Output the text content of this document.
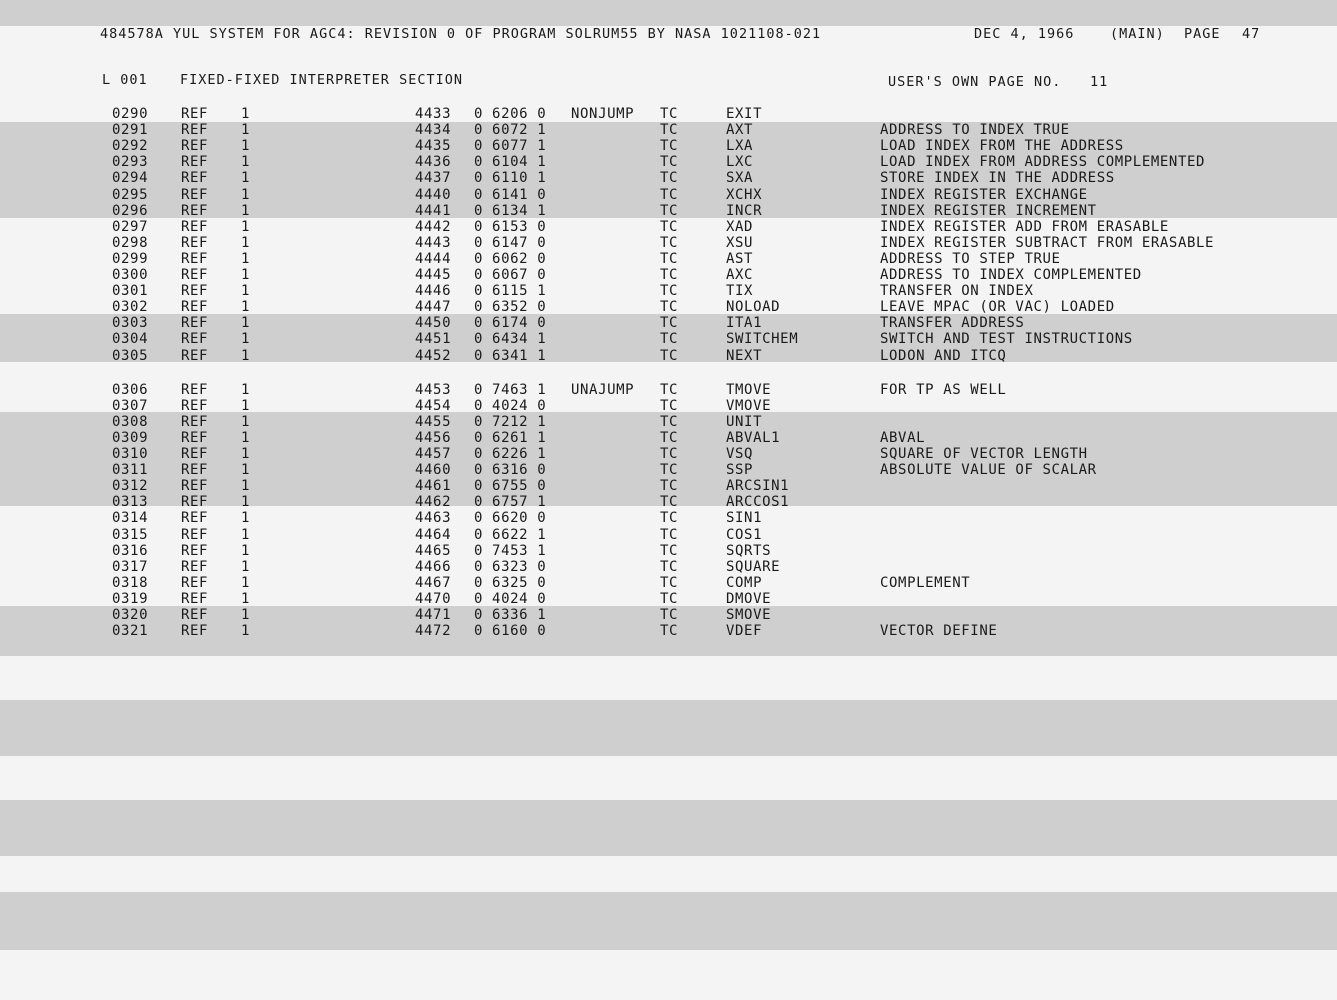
484578A YUL SYSTEM FOR AGC4: REVISION 0 OF PROGRAM SOLRUM55 BY NASA 1021108-021	DEC 4, 1966	(MAIN) PAGE 47
L 001 FIXED-FIXED INTERPRETER SECTION	USER'S OWN PAGE NO. 11
0290 REF 1	4433 0 6206 0 NONJUMP TC	EXIT
0291 REF 1	4434 0 6072 1	TC	AXT	ADDRESS TO INDEX TRUE
0292 REF 1	4435 0 6077 1	TC	LXA	LOAD INDEX FROM THE ADDRESS
0293 REF 1	4436 0 6104 1	TC	LXC	LOAD INDEX FROM ADDRESS COMPLEMENTED
0294 REF 1	4437 0 6110 1	TC	SXA	STORE INDEX IN THE ADDRESS
0295 REF 1	4440 0 6141 0	TC	XCHX	INDEX REGISTER EXCHANGE
0296 REF 1	4441 0 6134 1	TC	INCR	INDEX REGISTER INCREMENT
0297 REF 1	4442 0 6153 0	TC	XAD	INDEX REGISTER ADD FROM ERASABLE
0298 REF 1	4443 0 6147 0	TC	XSU	INDEX REGISTER SUBTRACT FROM ERASABLE
0299 REF 1	4444 0 6062 0	TC	AST	ADDRESS TO STEP TRUE
0300 REF 1	4445 0 6067 0	TC	AXC	ADDRESS TO INDEX COMPLEMENTED
0301 REF 1	4446 0 6115 1	TC	TIX	TRANSFER ON INDEX
0302 REF 1	4447 0 6352 0	TC	NOLOAD	LEAVE MPAC (OR VAC) LOADED
0303 REF 1	4450 0 6174 0	TC	ITA1	TRANSFER ADDRESS
0304 REF 1	4451 0 6434 1	TC	SWITCHEM	SWITCH AND TEST INSTRUCTIONS
0305 REF 1	4452 0 6341 1	TC	NEXT	LODON AND ITCQ
0306 REF 1	4453 0 7463 1 UNAJUMP TC	TMOVE	FOR TP AS WELL
0307 REF 1	4454 0 4024 0	TC	VMOVE
0308 REF 1	4455 0 7212 1	TC	UNIT
0309 REF 1	4456 0 6261 1	TC	ABVAL1	ABVAL
0310 REF 1	4457 0 6226 1	TC	VSQ	SQUARE OF VECTOR LENGTH
0311 REF 1	4460 0 6316 0	TC	SSP	ABSOLUTE VALUE OF SCALAR
0312 REF 1	4461 0 6755 0	TC	ARCSIN1
0313 REF 1	4462 0 6757 1	TC	ARCCOS1
0314 REF 1	4463 0 6620 0	TC	SIN1
0315 REF 1	4464 0 6622 1	TC	COS1
0316 REF 1	4465 0 7453 1	TC	SQRTS
0317 REF 1	4466 0 6323 0	TC	SQUARE
0318 REF 1	4467 0 6325 0	TC	COMP	COMPLEMENT
0319 REF 1	4470 0 4024 0	TC	DMOVE
0320 REF 1	4471 0 6336 1	TC	SMOVE
0321 REF 1	4472 0 6160 0	TC	VDEF	VECTOR DEFINE
